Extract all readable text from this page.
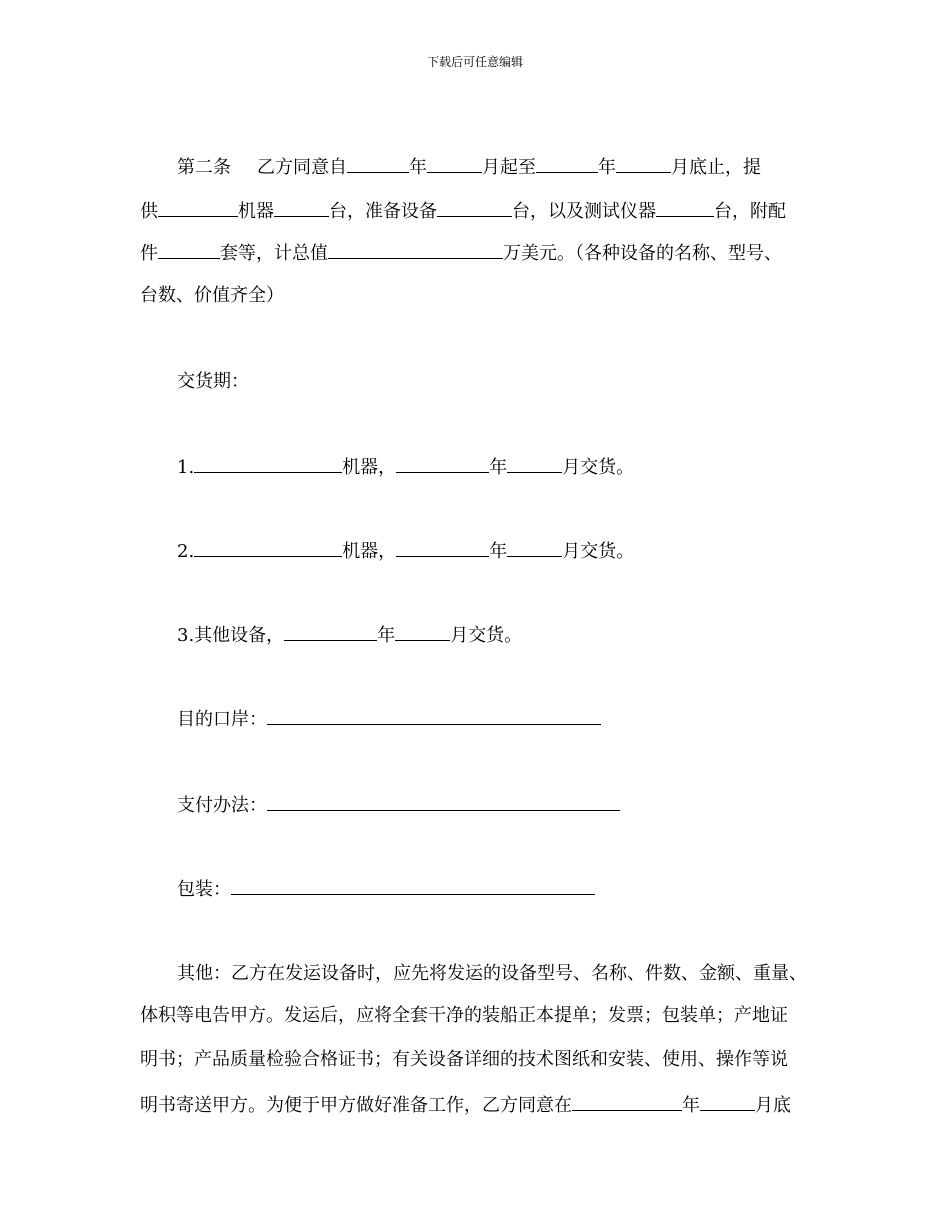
下载后可任意编辑
第二条 乙方同意自	年	月起至	年	月底止，提
供	机器	台，准备设备	台，以及测试仪器	台，附配
件	套等，计总值	万美元。（各种设备的名称、型号、
台数、价值齐全）
交货期：
1.	机器，	年	月交货。
2.	机器，	年	月交货。
3.其他设备，	年	月交货。
目的口岸：
支付办法：
包装：
其他：乙方在发运设备时，应先将发运的设备型号、名称、件数、金额、重量、
体积等电告甲方。发运后，应将全套干净的装船正本提单；发票；包装单；产地证
明书；产品质量检验合格证书；有关设备详细的技术图纸和安装、使用、操作等说
明书寄送甲方。为便于甲方做好准备工作，乙方同意在	年	月底
